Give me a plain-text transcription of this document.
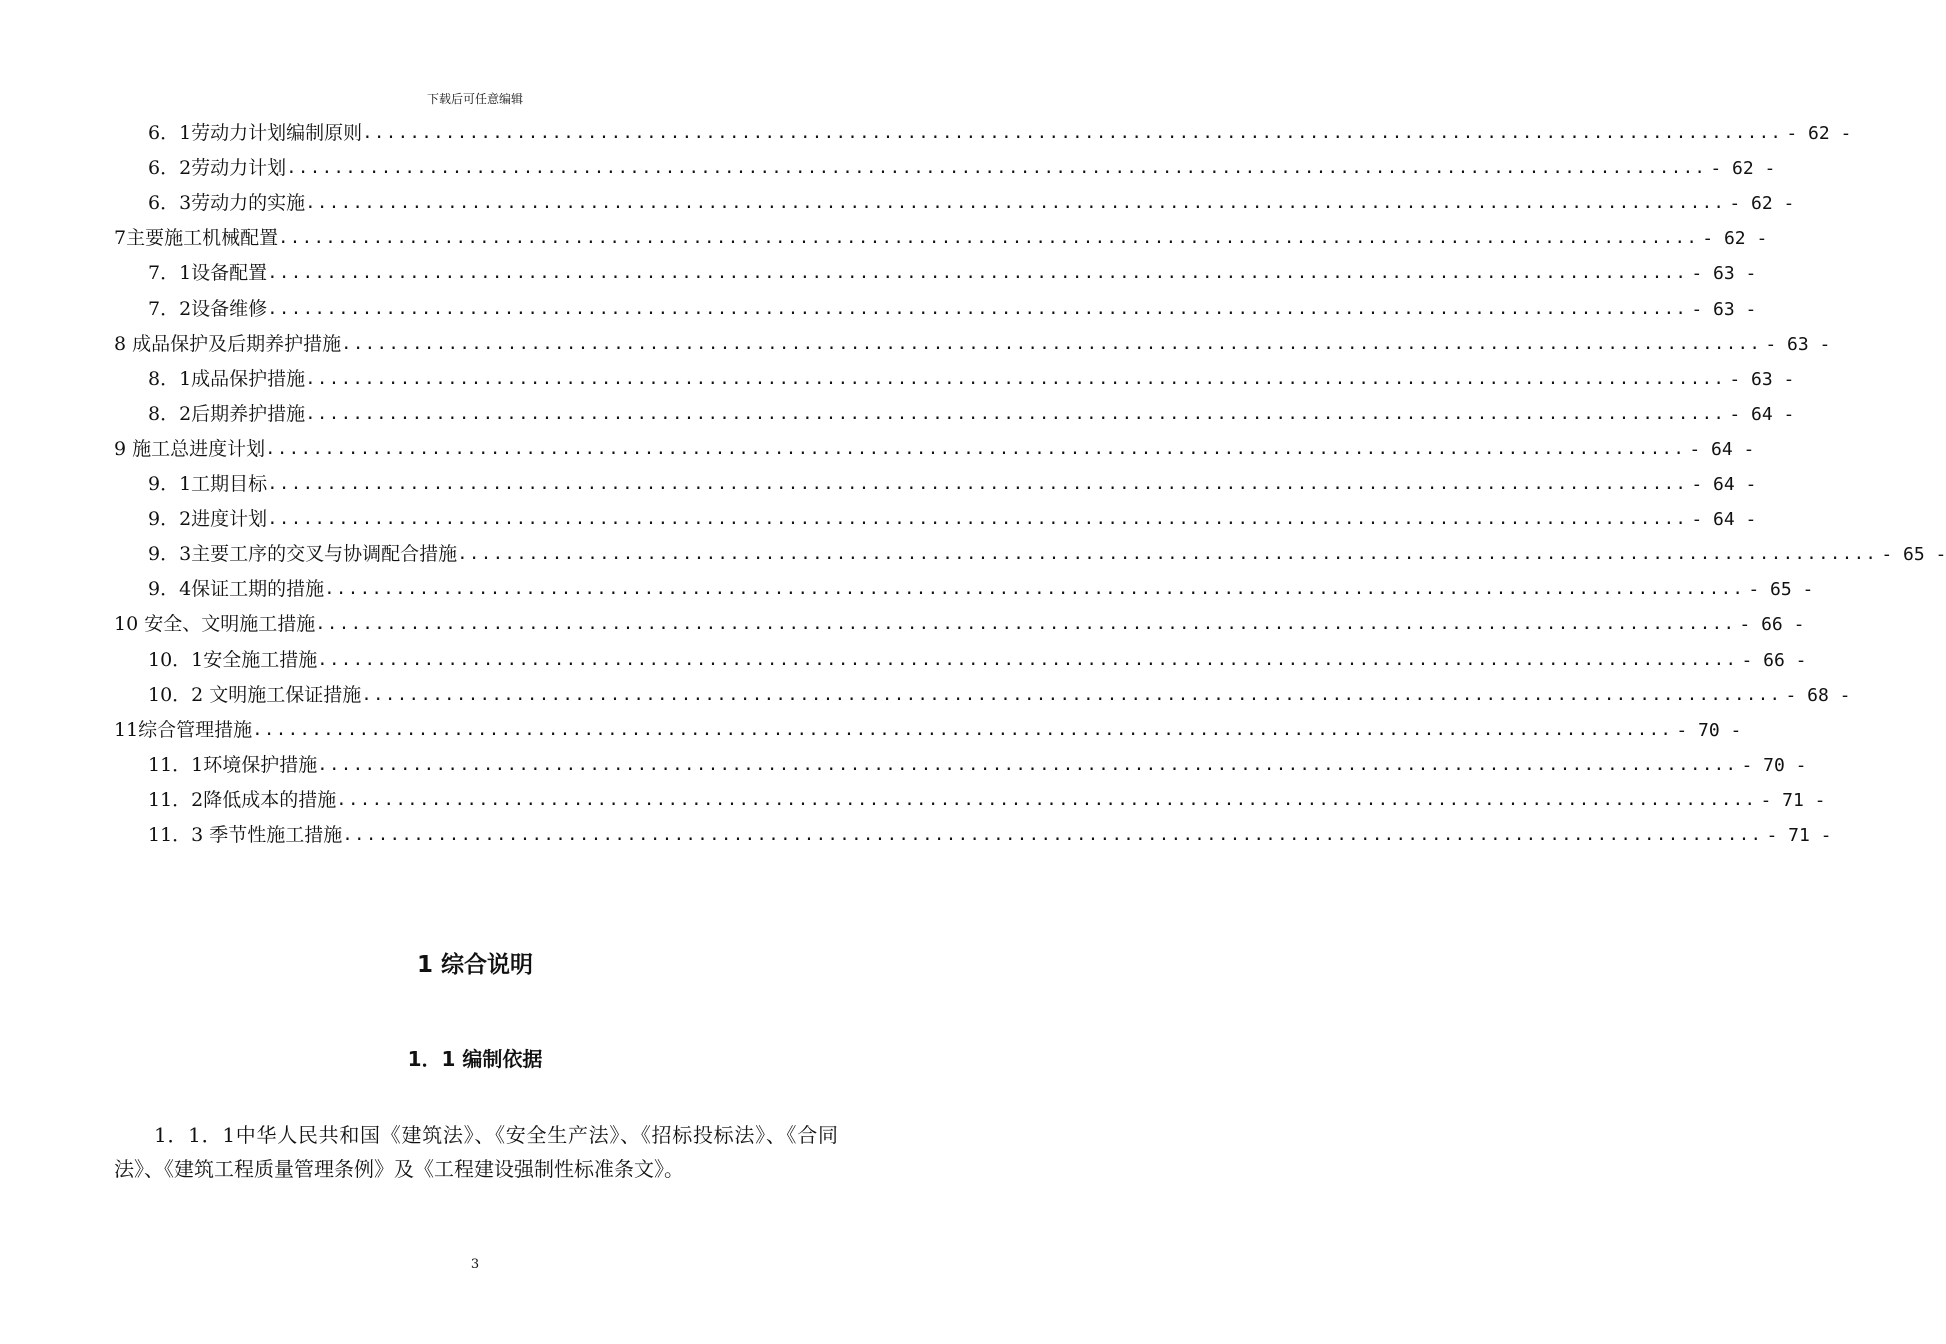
下载后可任意编辑
6．1劳动力计划编制原则 ........................................................................................................................ - 62 -
6．2劳动力计划 ........................................................................................................................ - 62 -
6．3劳动力的实施 ........................................................................................................................ - 62 -
7主要施工机械配置 ........................................................................................................................ - 62 -
7．1设备配置 ........................................................................................................................ - 63 -
7．2设备维修 ........................................................................................................................ - 63 -
8 成品保护及后期养护措施 ........................................................................................................................ - 63 -
8．1成品保护措施 ........................................................................................................................ - 63 -
8．2后期养护措施 ........................................................................................................................ - 64 -
9 施工总进度计划 ........................................................................................................................ - 64 -
9．1工期目标 ........................................................................................................................ - 64 -
9．2进度计划 ........................................................................................................................ - 64 -
9．3主要工序的交叉与协调配合措施 ........................................................................................................................ - 65 -
9．4保证工期的措施 ........................................................................................................................ - 65 -
10 安全、文明施工措施 ........................................................................................................................ - 66 -
10．1安全施工措施 ........................................................................................................................ - 66 -
10．2 文明施工保证措施 ........................................................................................................................ - 68 -
11综合管理措施 ........................................................................................................................ - 70 -
11．1环境保护措施 ........................................................................................................................ - 70 -
11．2降低成本的措施 ........................................................................................................................ - 71 -
11．3 季节性施工措施 ........................................................................................................................ - 71 -
1 综合说明
1．1 编制依据
1．1．1中华人民共和国《建筑法》、《安全生产法》、《招标投标法》、《合同法》、《建筑工程质量管理条例》及《工程建设强制性标准条文》。
3
